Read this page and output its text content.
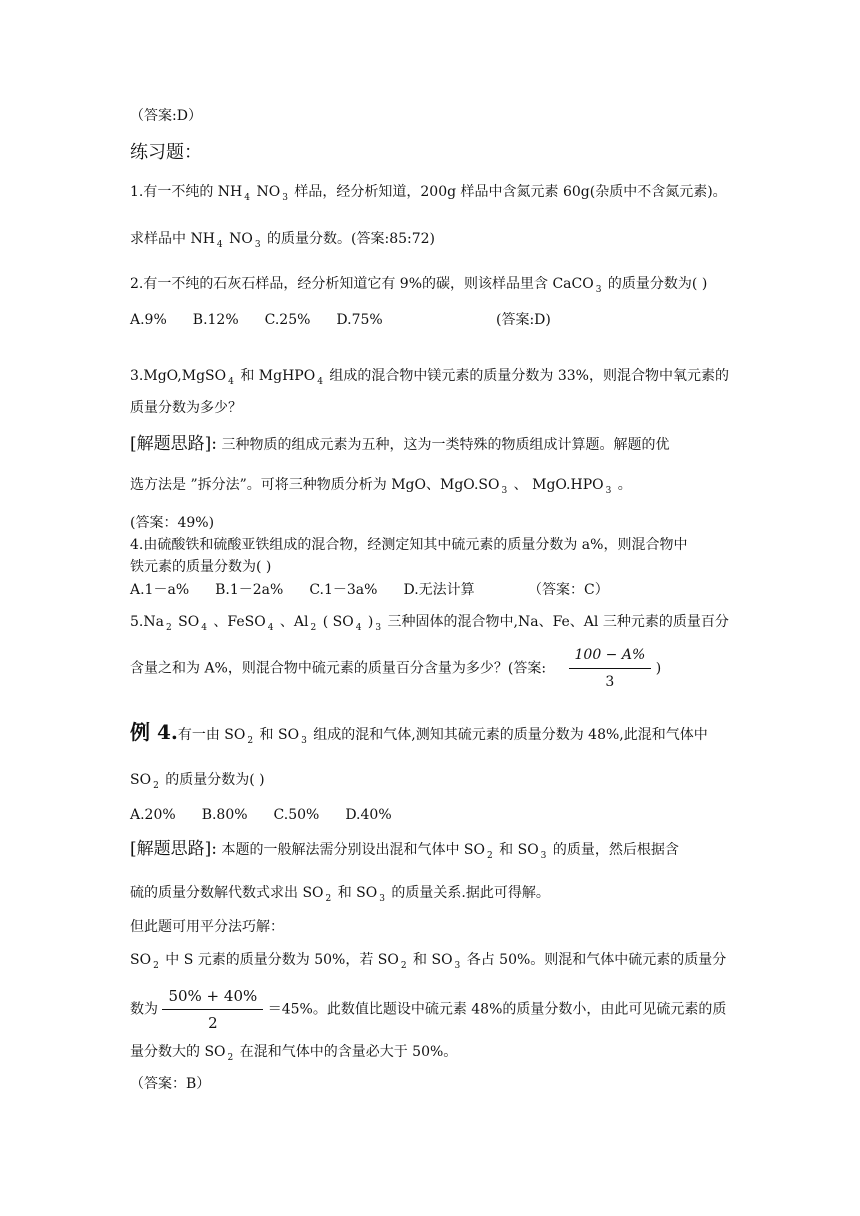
（答案:D）
练习题：
1.有一不纯的 NH $_4$ NO $_3$ 样品，经分析知道，200g 样品中含氮元素 60g(杂质中不含氮元素)。
求样品中 NH $_4$ NO $_3$ 的质量分数。(答案:85:72)
2.有一不纯的石灰石样品，经分析知道它有 9%的碳，则该样品里含 CaCO $_3$ 的质量分数为( )
A.9% B.12% C.25% D.75%	(答案:D)
3.MgO,MgSO $_4$ 和 MgHPO $_4$ 组成的混合物中镁元素的质量分数为 33%，则混合物中氧元素的
质量分数为多少？
[解题思路]: 三种物质的组成元素为五种，这为一类特殊的物质组成计算题。解题的优
选方法是 ”拆分法”。可将三种物质分析为 MgO、MgO.SO $_3$ 、 MgO.HPO $_3$ 。
(答案：49%)
4.由硫酸铁和硫酸亚铁组成的混合物，经测定知其中硫元素的质量分数为 a%，则混合物中
铁元素的质量分数为( )
A.1－a% B.1－2a% C.1－3a% D.无法计算	（答案：C）
5.Na $_2$ SO $_4$ 、FeSO $_4$ 、Al $_2$ ( SO $_4$ ) $_3$ 三种固体的混合物中,Na、Fe、Al 三种元素的质量百分
含量之和为 A%，则混合物中硫元素的质量百分含量为多少？(答案: $\frac{100 - A\%}{3}$ )
例 4.有一由 SO $_2$ 和 SO $_3$ 组成的混和气体,测知其硫元素的质量分数为 48%,此混和气体中
SO $_2$ 的质量分数为( )
A.20% B.80% C.50% D.40%
[解题思路]: 本题的一般解法需分别设出混和气体中 SO $_2$ 和 SO $_3$ 的质量，然后根据含
硫的质量分数解代数式求出 SO $_2$ 和 SO $_3$ 的质量关系.据此可得解。
但此题可用平分法巧解：
SO $_2$ 中 S 元素的质量分数为 50%，若 SO $_2$ 和 SO $_3$ 各占 50%。则混和气体中硫元素的质量分
数为 $\frac{50\% + 40\%}{2} =45\%$。此数值比题设中硫元素 48%的质量分数小，由此可见硫元素的质
量分数大的 SO $_2$ 在混和气体中的含量必大于 50%。
（答案：B）
